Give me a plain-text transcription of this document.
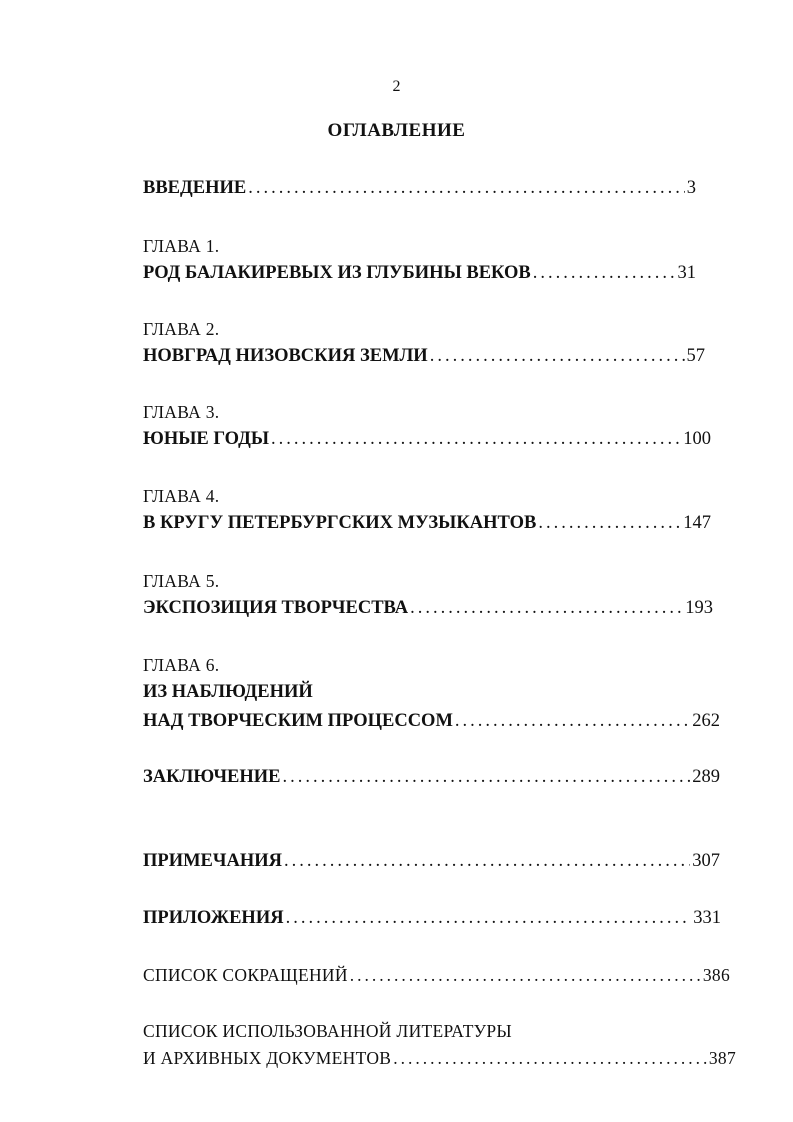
2
ОГЛАВЛЕНИЕ
ВВЕДЕНИЕ .....	3
ГЛАВА 1.
РОД БАЛАКИРЕВЫХ ИЗ ГЛУБИНЫ ВЕКОВ .....	31
ГЛАВА 2.
НОВГРАД НИЗОВСКИЯ ЗЕМЛИ .....	57
ГЛАВА 3.
ЮНЫЕ ГОДЫ .....	100
ГЛАВА 4.
В КРУГУ ПЕТЕРБУРГСКИХ МУЗЫКАНТОВ .....	147
ГЛАВА 5.
ЭКСПОЗИЦИЯ ТВОРЧЕСТВА .....	193
ГЛАВА 6.
ИЗ НАБЛЮДЕНИЙ
НАД ТВОРЧЕСКИМ ПРОЦЕССОМ .....	262
ЗАКЛЮЧЕНИЕ .....	289
ПРИМЕЧАНИЯ .....	307
ПРИЛОЖЕНИЯ .....	331
СПИСОК СОКРАЩЕНИЙ .....	386
СПИСОК ИСПОЛЬЗОВАННОЙ ЛИТЕРАТУРЫ
И АРХИВНЫХ ДОКУМЕНТОВ .....	387
